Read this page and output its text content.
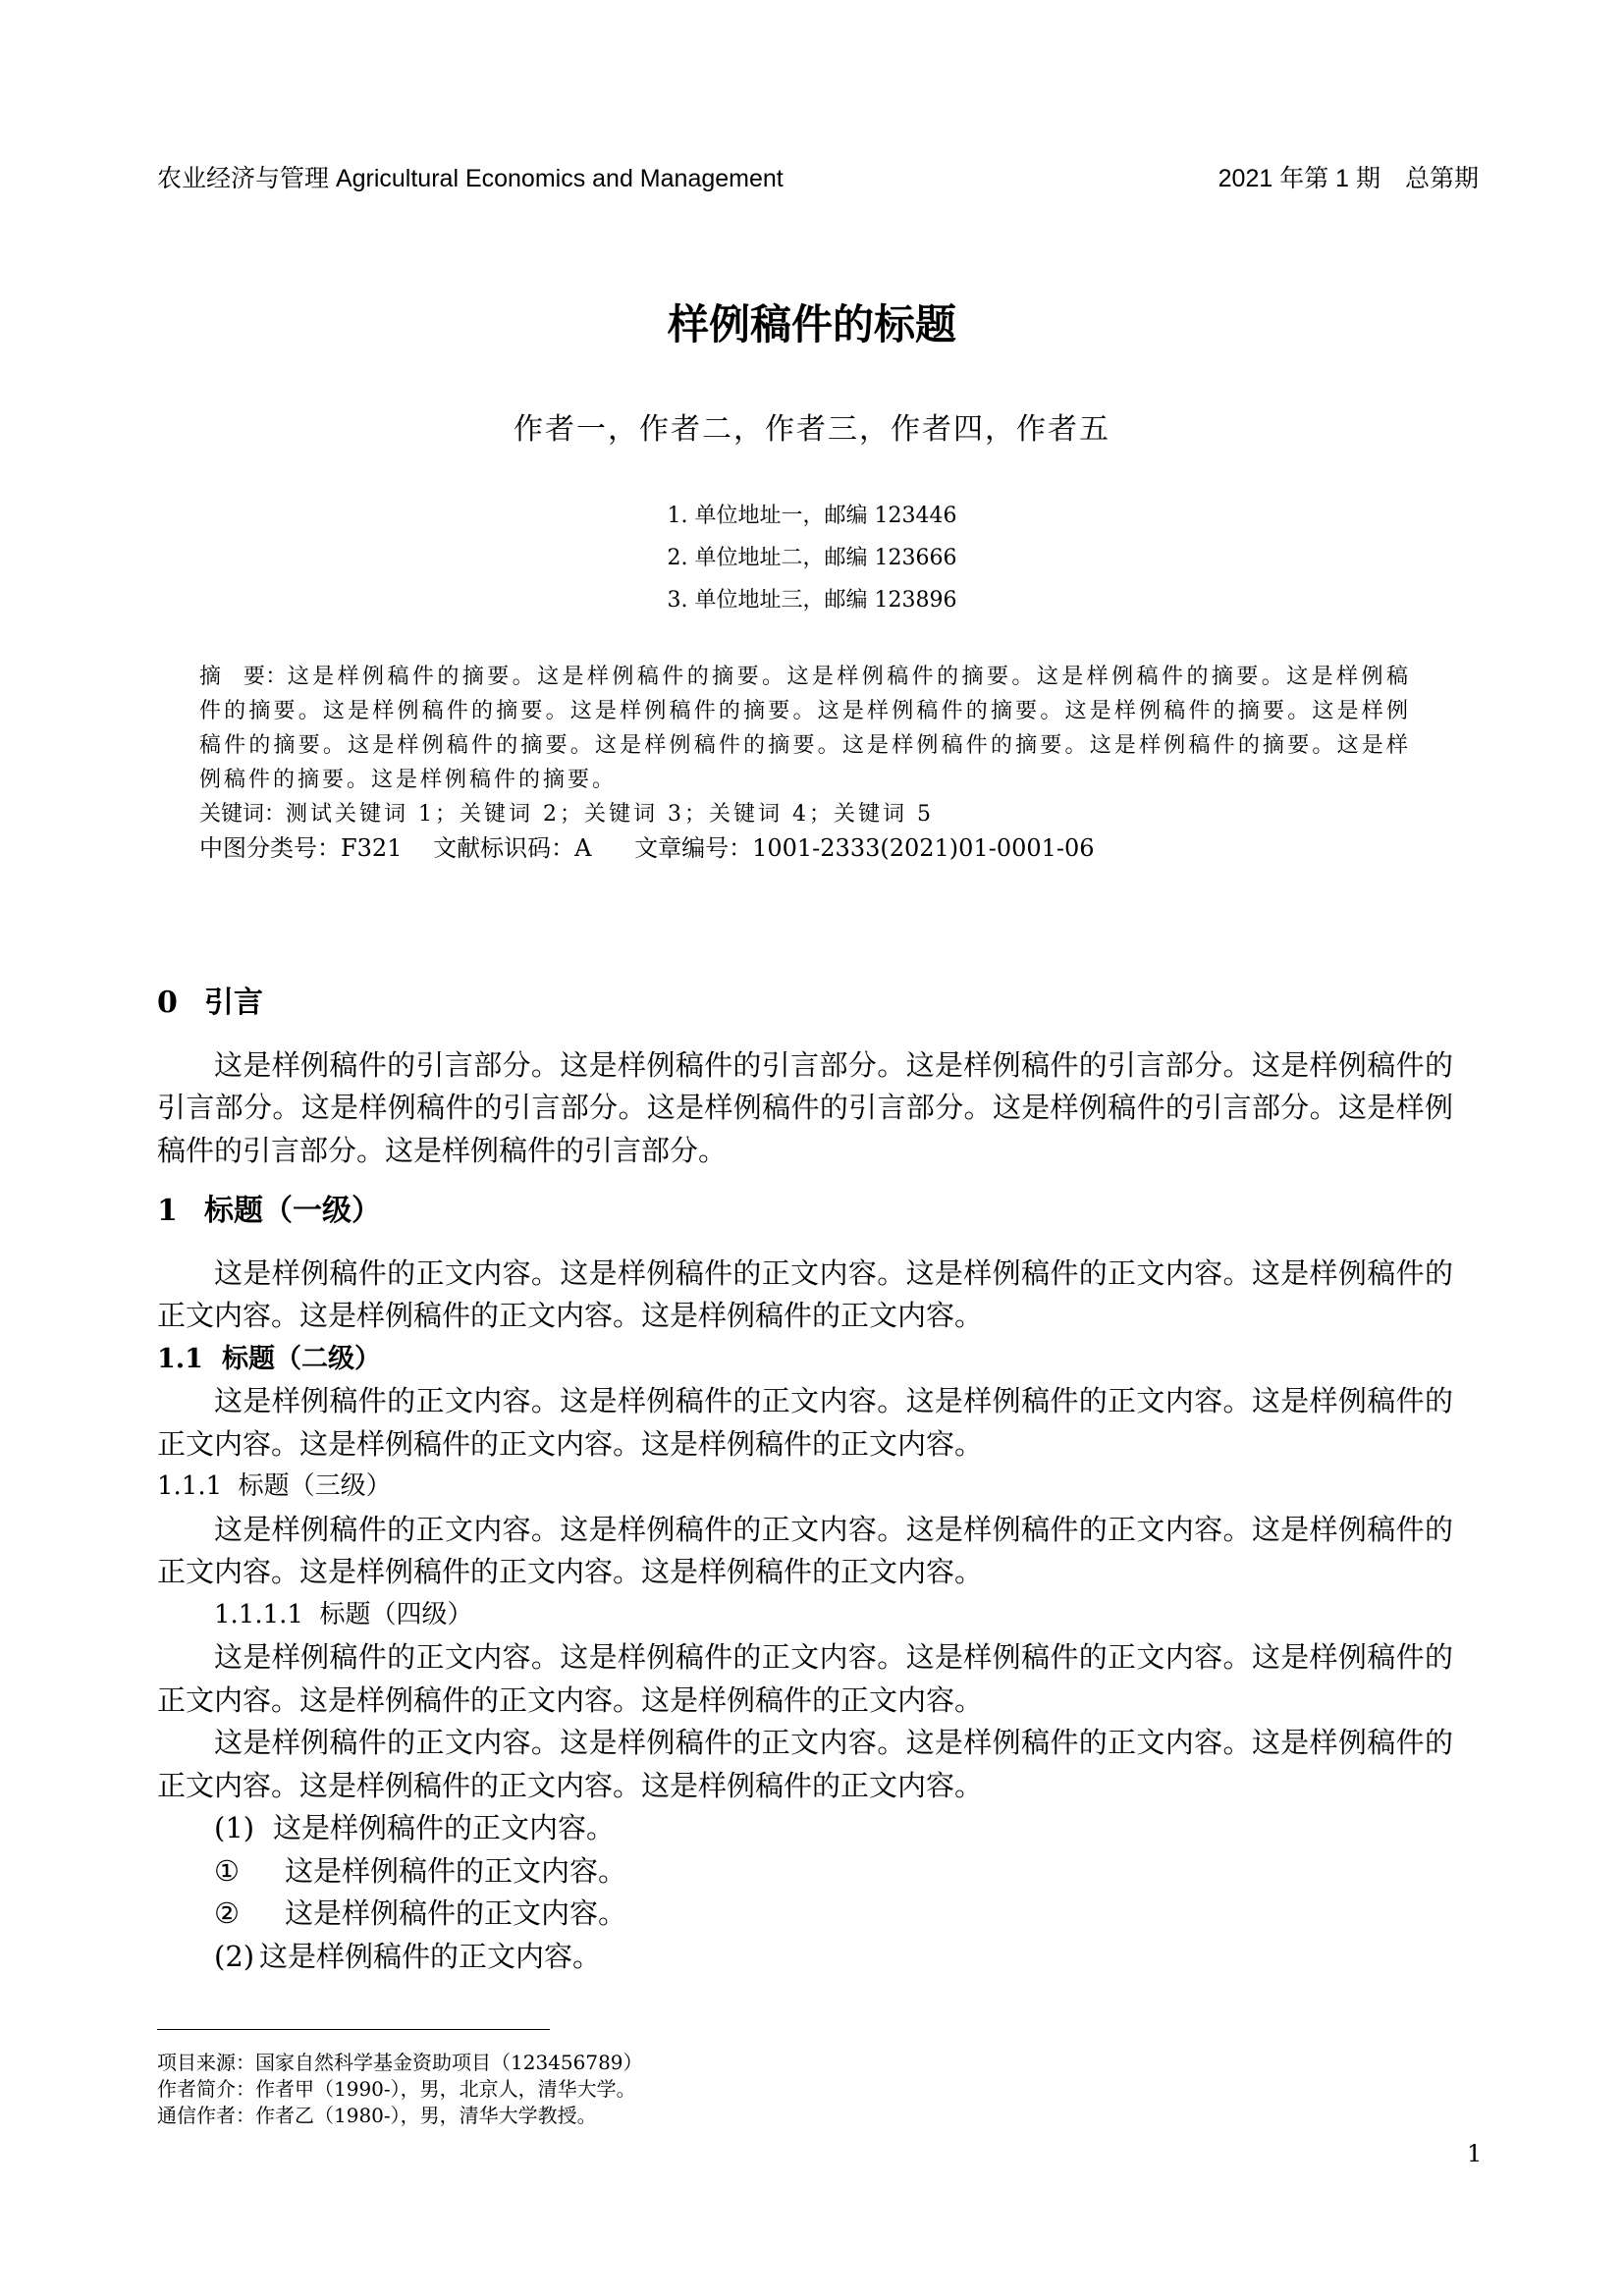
农业经济与管理 Agricultural Economics and Management	2021 年第 1 期　总第期
样例稿件的标题
作者一，作者二，作者三，作者四，作者五
1. 单位地址一，邮编 123446
2. 单位地址二，邮编 123666
3. 单位地址三，邮编 123896
摘　要：这是样例稿件的摘要。这是样例稿件的摘要。这是样例稿件的摘要。这是样例稿件的摘要。这是样例稿件的摘要。这是样例稿件的摘要。这是样例稿件的摘要。这是样例稿件的摘要。这是样例稿件的摘要。这是样例稿件的摘要。这是样例稿件的摘要。这是样例稿件的摘要。这是样例稿件的摘要。这是样例稿件的摘要。这是样例稿件的摘要。这是样例稿件的摘要。
关键词：测试关键词 1；关键词 2；关键词 3；关键词 4；关键词 5
中图分类号：F321  文献标识码：A   文章编号：1001-2333(2021)01-0001-06
0 引言
这是样例稿件的引言部分。这是样例稿件的引言部分。这是样例稿件的引言部分。这是样例稿件的引言部分。这是样例稿件的引言部分。这是样例稿件的引言部分。这是样例稿件的引言部分。这是样例稿件的引言部分。这是样例稿件的引言部分。
1 标题（一级）
这是样例稿件的正文内容。这是样例稿件的正文内容。这是样例稿件的正文内容。这是样例稿件的正文内容。这是样例稿件的正文内容。这是样例稿件的正文内容。
1.1 标题（二级）
这是样例稿件的正文内容。这是样例稿件的正文内容。这是样例稿件的正文内容。这是样例稿件的正文内容。这是样例稿件的正文内容。这是样例稿件的正文内容。
1.1.1  标题（三级）
这是样例稿件的正文内容。这是样例稿件的正文内容。这是样例稿件的正文内容。这是样例稿件的正文内容。这是样例稿件的正文内容。这是样例稿件的正文内容。
1.1.1.1  标题（四级）
这是样例稿件的正文内容。这是样例稿件的正文内容。这是样例稿件的正文内容。这是样例稿件的正文内容。这是样例稿件的正文内容。这是样例稿件的正文内容。
这是样例稿件的正文内容。这是样例稿件的正文内容。这是样例稿件的正文内容。这是样例稿件的正文内容。这是样例稿件的正文内容。这是样例稿件的正文内容。
(1) 这是样例稿件的正文内容。
① 这是样例稿件的正文内容。
② 这是样例稿件的正文内容。
(2) 这是样例稿件的正文内容。
项目来源：国家自然科学基金资助项目（123456789）
作者简介：作者甲（1990-），男，北京人，清华大学。
通信作者：作者乙（1980-），男，清华大学教授。
1
